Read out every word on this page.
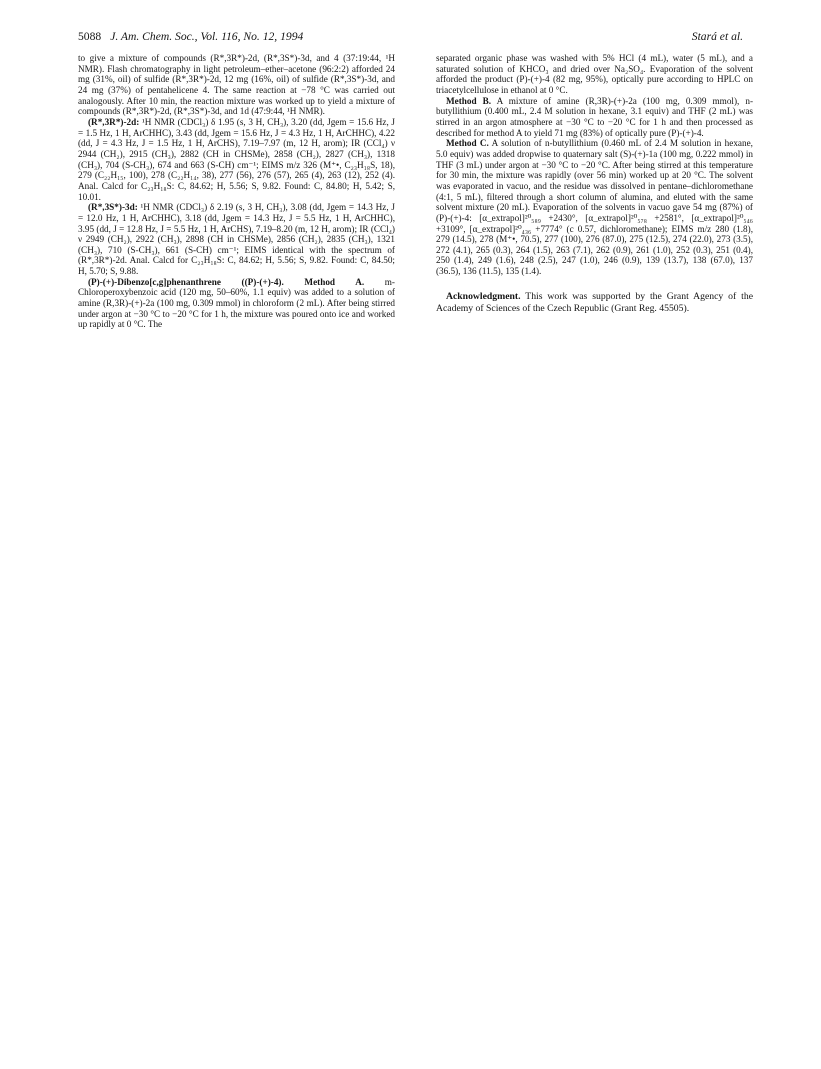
5088 J. Am. Chem. Soc., Vol. 116, No. 12, 1994	Stará et al.

to give a mixture of compounds (R*,3R*)-2d, (R*,3S*)-3d, and 4 (37:19:44, ¹H NMR). Flash chromatography in light petroleum–ether–acetone (96:2:2) afforded 24 mg (31%, oil) of sulfide (R*,3R*)-2d, 12 mg (16%, oil) of sulfide (R*,3S*)-3d, and 24 mg (37%) of pentahelicene 4. The same reaction at −78 °C was carried out analogously. After 10 min, the reaction mixture was worked up to yield a mixture of compounds (R*,3R*)-2d, (R*,3S*)-3d, and 1d (47:9:44, ¹H NMR).

(R*,3R*)-2d: ¹H NMR (CDCl₃) δ 1.95 (s, 3 H, CH₃), 3.20 (dd, Jgem = 15.6 Hz, J = 1.5 Hz, 1 H, ArCHHC), 3.43 (dd, Jgem = 15.6 Hz, J = 4.3 Hz, 1 H, ArCHHC), 4.22 (dd, J = 4.3 Hz, J = 1.5 Hz, 1 H, ArCHS), 7.19–7.97 (m, 12 H, arom); IR (CCl₄) ν 2944 (CH₂), 2915 (CH₃), 2882 (CH in CHSMe), 2858 (CH₂), 2827 (CH₃), 1318 (CH₃), 704 (S-CH₃), 674 and 663 (S-CH) cm⁻¹; EIMS m/z 326 (M⁺•, C₂₃H₁₈S, 18), 279 (C₂₂H₁₅, 100), 278 (C₂₂H₁₄, 38), 277 (56), 276 (57), 265 (4), 263 (12), 252 (4). Anal. Calcd for C₂₃H₁₈S: C, 84.62; H, 5.56; S, 9.82. Found: C, 84.80; H, 5.42; S, 10.01.

(R*,3S*)-3d: ¹H NMR (CDCl₃) δ 2.19 (s, 3 H, CH₃), 3.08 (dd, Jgem = 14.3 Hz, J = 12.0 Hz, 1 H, ArCHHC), 3.18 (dd, Jgem = 14.3 Hz, J = 5.5 Hz, 1 H, ArCHHC), 3.95 (dd, J = 12.8 Hz, J = 5.5 Hz, 1 H, ArCHS), 7.19–8.20 (m, 12 H, arom); IR (CCl₄) ν 2949 (CH₂), 2922 (CH₃), 2898 (CH in CHSMe), 2856 (CH₂), 2835 (CH₃), 1321 (CH₃), 710 (S-CH₃), 661 (S-CH) cm⁻¹; EIMS identical with the spectrum of (R*,3R*)-2d. Anal. Calcd for C₂₃H₁₈S: C, 84.62; H, 5.56; S, 9.82. Found: C, 84.50; H, 5.70; S, 9.88.

(P)-(+)-Dibenzo[c,g]phenanthrene ((P)-(+)-4). Method A. m-Chloroperoxybenzoic acid (120 mg, 50–60%, 1.1 equiv) was added to a solution of amine (R,3R)-(+)-2a (100 mg, 0.309 mmol) in chloroform (2 mL). After being stirred under argon at −30 °C to −20 °C for 1 h, the mixture was poured onto ice and worked up rapidly at 0 °C. The

separated organic phase was washed with 5% HCl (4 mL), water (5 mL), and a saturated solution of KHCO₃ and dried over Na₂SO₄. Evaporation of the solvent afforded the product (P)-(+)-4 (82 mg, 95%), optically pure according to HPLC on triacetylcellulose in ethanol at 0 °C.

Method B. A mixture of amine (R,3R)-(+)-2a (100 mg, 0.309 mmol), n-butyllithium (0.400 mL, 2.4 M solution in hexane, 3.1 equiv) and THF (2 mL) was stirred in an argon atmosphere at −30 °C to −20 °C for 1 h and then processed as described for method A to yield 71 mg (83%) of optically pure (P)-(+)-4.

Method C. A solution of n-butyllithium (0.460 mL of 2.4 M solution in hexane, 5.0 equiv) was added dropwise to quaternary salt (S)-(+)-1a (100 mg, 0.222 mmol) in THF (3 mL) under argon at −30 °C to −20 °C. After being stirred at this temperature for 30 min, the mixture was rapidly (over 56 min) worked up at 20 °C. The solvent was evaporated in vacuo, and the residue was dissolved in pentane–dichloromethane (4:1, 5 mL), filtered through a short column of alumina, and eluted with the same solvent mixture (20 mL). Evaporation of the solvents in vacuo gave 54 mg (87%) of (P)-(+)-4: [α_extrapol]²⁰₅₈₉ +2430°, [α_extrapol]²⁰₅₇₈ +2581°, [α_extrapol]²⁰₅₄₆ +3109°, [α_extrapol]²⁰₄₃₆ +7774° (c 0.57, dichloromethane); EIMS m/z 280 (1.8), 279 (14.5), 278 (M⁺•, 70.5), 277 (100), 276 (87.0), 275 (12.5), 274 (22.0), 273 (3.5), 272 (4.1), 265 (0.3), 264 (1.5), 263 (7.1), 262 (0.9), 261 (1.0), 252 (0.3), 251 (0.4), 250 (1.4), 249 (1.6), 248 (2.5), 247 (1.0), 246 (0.9), 139 (13.7), 138 (67.0), 137 (36.5), 136 (11.5), 135 (1.4).

Acknowledgment. This work was supported by the Grant Agency of the Academy of Sciences of the Czech Republic (Grant Reg. 45505).
